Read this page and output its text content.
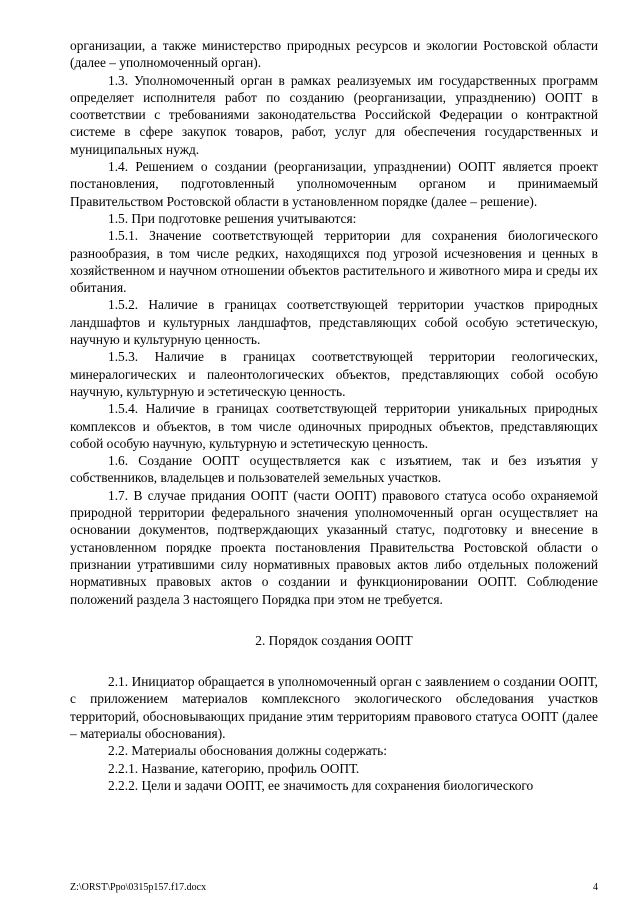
организации, а также министерство природных ресурсов и экологии Ростовской области (далее – уполномоченный орган).

1.3. Уполномоченный орган в рамках реализуемых им государственных программ определяет исполнителя работ по созданию (реорганизации, упразднению) ООПТ в соответствии с требованиями законодательства Российской Федерации о контрактной системе в сфере закупок товаров, работ, услуг для обеспечения государственных и муниципальных нужд.

1.4. Решением о создании (реорганизации, упразднении) ООПТ является проект постановления, подготовленный уполномоченным органом и принимаемый Правительством Ростовской области в установленном порядке (далее – решение).

1.5. При подготовке решения учитываются:

1.5.1. Значение соответствующей территории для сохранения биологического разнообразия, в том числе редких, находящихся под угрозой исчезновения и ценных в хозяйственном и научном отношении объектов растительного и животного мира и среды их обитания.

1.5.2. Наличие в границах соответствующей территории участков природных ландшафтов и культурных ландшафтов, представляющих собой особую эстетическую, научную и культурную ценность.

1.5.3. Наличие в границах соответствующей территории геологических, минералогических и палеонтологических объектов, представляющих собой особую научную, культурную и эстетическую ценность.

1.5.4. Наличие в границах соответствующей территории уникальных природных комплексов и объектов, в том числе одиночных природных объектов, представляющих собой особую научную, культурную и эстетическую ценность.

1.6. Создание ООПТ осуществляется как с изъятием, так и без изъятия у собственников, владельцев и пользователей земельных участков.

1.7. В случае придания ООПТ (части ООПТ) правового статуса особо охраняемой природной территории федерального значения уполномоченный орган осуществляет на основании документов, подтверждающих указанный статус, подготовку и внесение в установленном порядке проекта постановления Правительства Ростовской области о признании утратившими силу нормативных правовых актов либо отдельных положений нормативных правовых актов о создании и функционировании ООПТ. Соблюдение положений раздела 3 настоящего Порядка при этом не требуется.

2. Порядок создания ООПТ

2.1. Инициатор обращается в уполномоченный орган с заявлением о создании ООПТ, с приложением материалов комплексного экологического обследования участков территорий, обосновывающих придание этим территориям правового статуса ООПТ (далее – материалы обоснования).

2.2. Материалы обоснования должны содержать:

2.2.1. Название, категорию, профиль ООПТ.

2.2.2. Цели и задачи ООПТ, ее значимость для сохранения биологического

Z:\ORST\Ppo\0315p157.f17.docx	4
